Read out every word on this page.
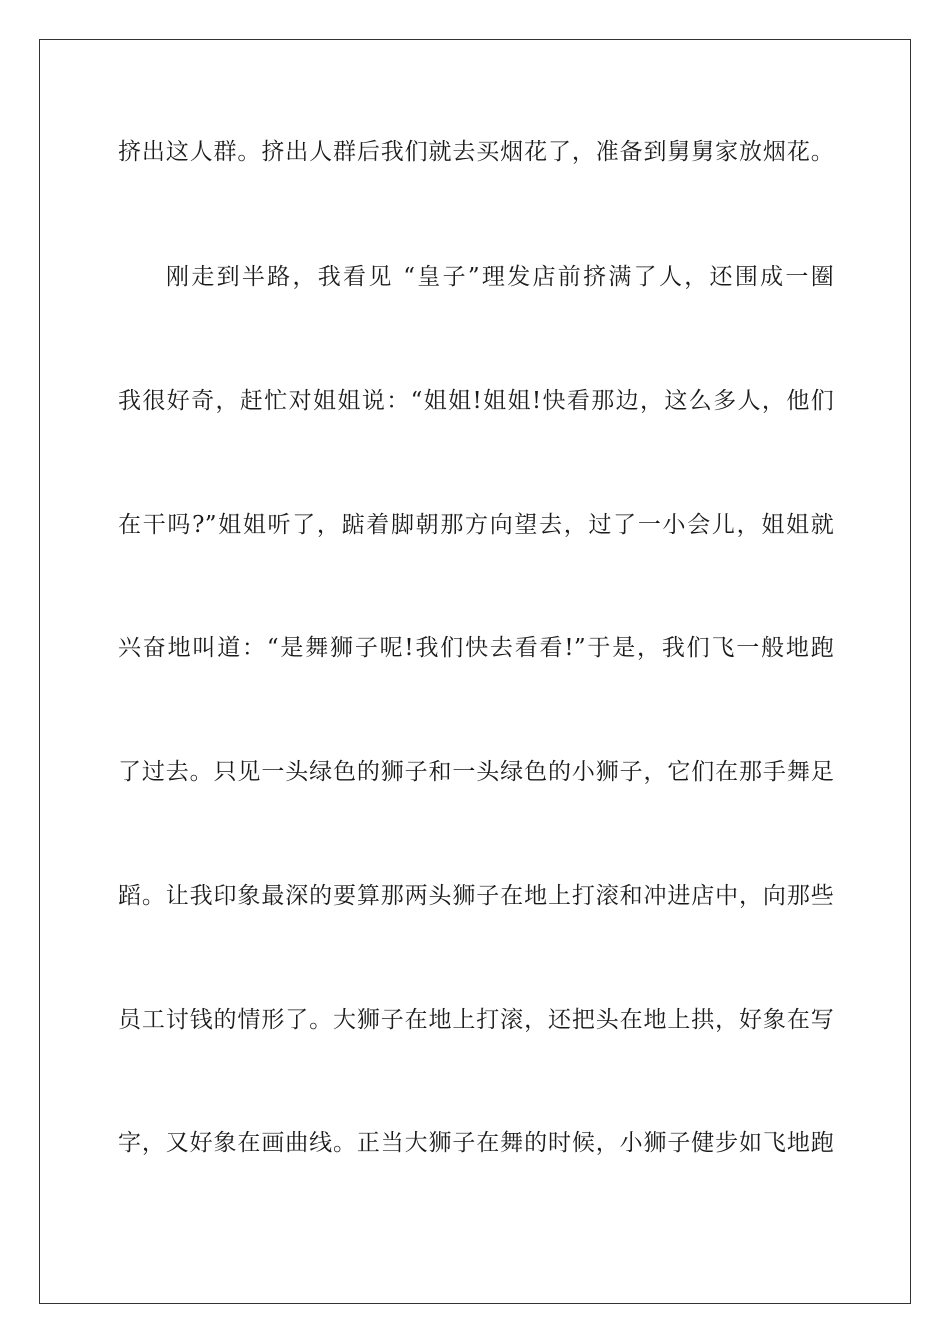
挤出这人群。挤出人群后我们就去买烟花了，准备到舅舅家放烟花。
刚走到半路，我看见 “皇子”理发店前挤满了人，还围成一圈
我很好奇，赶忙对姐姐说：“姐姐!姐姐!快看那边，这么多人，他们
在干吗?”姐姐听了，踮着脚朝那方向望去，过了一小会儿，姐姐就
兴奋地叫道：“是舞狮子呢!我们快去看看!”于是，我们飞一般地跑
了过去。只见一头绿色的狮子和一头绿色的小狮子，它们在那手舞足
蹈。让我印象最深的要算那两头狮子在地上打滚和冲进店中，向那些
员工讨钱的情形了。大狮子在地上打滚，还把头在地上拱，好象在写
字，又好象在画曲线。正当大狮子在舞的时候，小狮子健步如飞地跑
